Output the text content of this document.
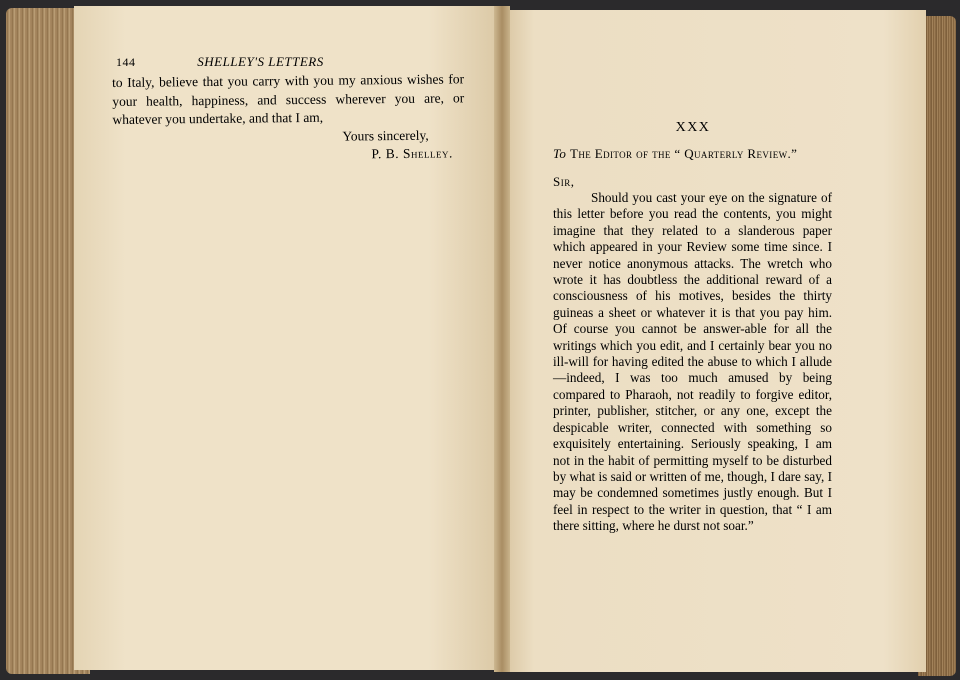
144	SHELLEY'S LETTERS

to Italy, believe that you carry with you my anxious wishes for your health, happiness, and success wherever you are, or whatever you undertake, and that I am,

Yours sincerely,
P. B. Shelley.
XXX
To The Editor of the “ Quarterly Review.”
Sir,

Should you cast your eye on the signature of this letter before you read the contents, you might imagine that they related to a slanderous paper which appeared in your Review some time since. I never notice anonymous attacks. The wretch who wrote it has doubtless the additional reward of a consciousness of his motives, besides the thirty guineas a sheet or whatever it is that you pay him. Of course you cannot be answer-able for all the writings which you edit, and I certainly bear you no ill-will for having edited the abuse to which I allude—indeed, I was too much amused by being compared to Pharaoh, not readily to forgive editor, printer, publisher, stitcher, or any one, except the despicable writer, connected with something so exquisitely entertaining. Seriously speaking, I am not in the habit of permitting myself to be disturbed by what is said or written of me, though, I dare say, I may be condemned sometimes justly enough. But I feel in respect to the writer in question, that “ I am there sitting, where he durst not soar.”
